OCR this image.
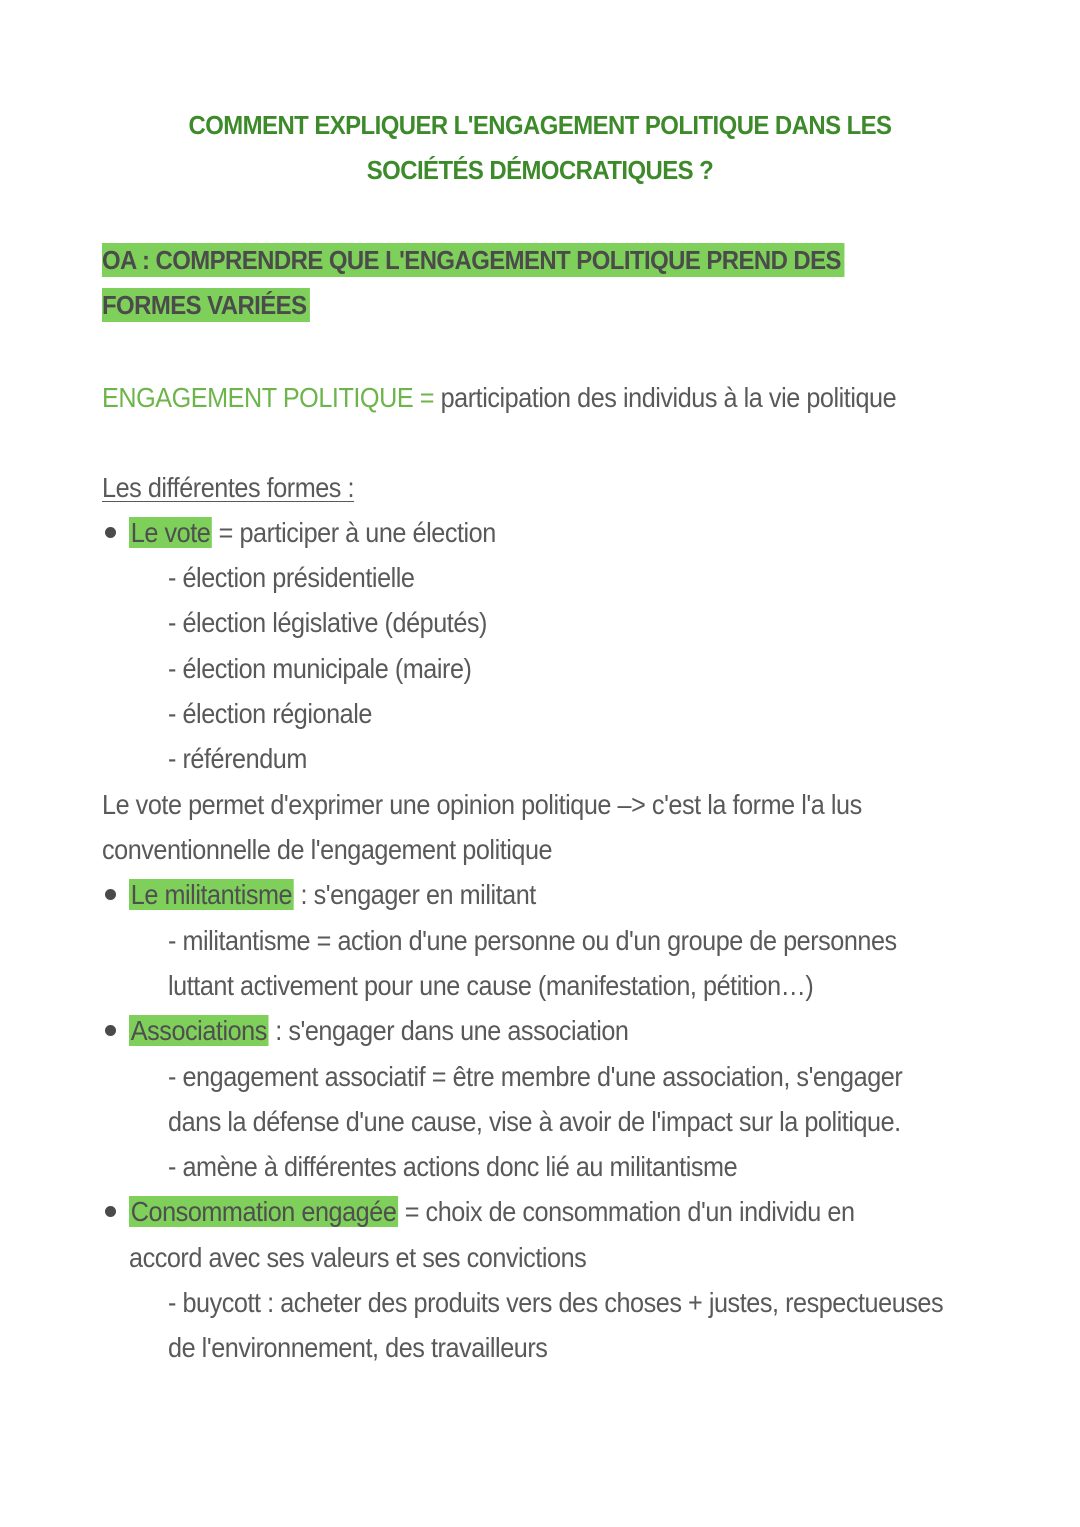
COMMENT EXPLIQUER L'ENGAGEMENT POLITIQUE DANS LES
SOCIÉTÉS DÉMOCRATIQUES ?
OA : COMPRENDRE QUE L'ENGAGEMENT POLITIQUE PREND DES
FORMES VARIÉES
ENGAGEMENT POLITIQUE = participation des individus à la vie politique
Les différentes formes :
Le vote = participer à une élection
- élection présidentielle
- élection législative (députés)
- élection municipale (maire)
- élection régionale
- référendum
Le vote permet d'exprimer une opinion politique –> c'est la forme l'a lus
conventionnelle de l'engagement politique
Le militantisme : s'engager en militant
- militantisme = action d'une personne ou d'un groupe de personnes
luttant activement pour une cause (manifestation, pétition…)
Associations : s'engager dans une association
- engagement associatif = être membre d'une association, s'engager
dans la défense d'une cause, vise à avoir de l'impact sur la politique.
- amène à différentes actions donc lié au militantisme
Consommation engagée = choix de consommation d'un individu en
accord avec ses valeurs et ses convictions
- buycott : acheter des produits vers des choses + justes, respectueuses
de l'environnement, des travailleurs
